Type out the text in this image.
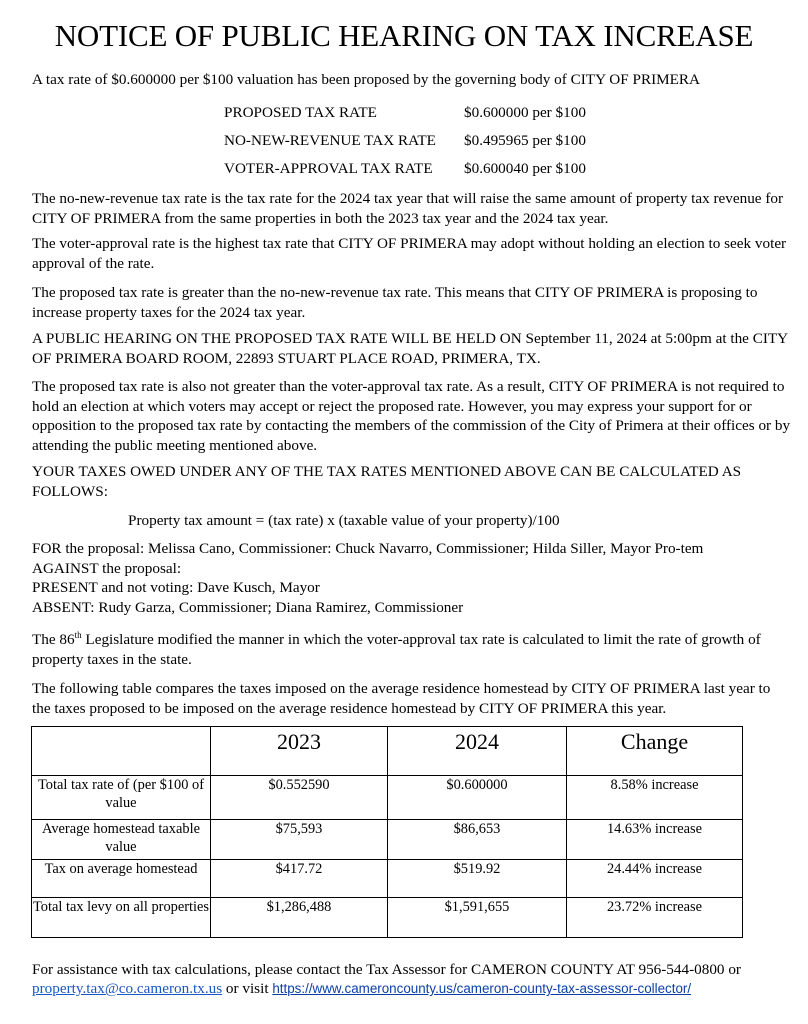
NOTICE OF PUBLIC HEARING ON TAX INCREASE

A tax rate of $0.600000 per $100 valuation has been proposed by the governing body of CITY OF PRIMERA

PROPOSED TAX RATE	$0.600000 per $100
NO-NEW-REVENUE TAX RATE $0.495965 per $100
VOTER-APPROVAL TAX RATE $0.600040 per $100

The no-new-revenue tax rate is the tax rate for the 2024 tax year that will raise the same amount of property tax revenue for CITY OF PRIMERA from the same properties in both the 2023 tax year and the 2024 tax year.

The voter-approval rate is the highest tax rate that CITY OF PRIMERA may adopt without holding an election to seek voter approval of the rate.

The proposed tax rate is greater than the no-new-revenue tax rate. This means that CITY OF PRIMERA is proposing to increase property taxes for the 2024 tax year.

A PUBLIC HEARING ON THE PROPOSED TAX RATE WILL BE HELD ON September 11, 2024 at 5:00pm at the CITY OF PRIMERA BOARD ROOM, 22893 STUART PLACE ROAD, PRIMERA, TX.

The proposed tax rate is also not greater than the voter-approval tax rate. As a result, CITY OF PRIMERA is not required to hold an election at which voters may accept or reject the proposed rate. However, you may express your support for or opposition to the proposed tax rate by contacting the members of the commission of the City of Primera at their offices or by attending the public meeting mentioned above.

YOUR TAXES OWED UNDER ANY OF THE TAX RATES MENTIONED ABOVE CAN BE CALCULATED AS FOLLOWS:

Property tax amount = (tax rate) x (taxable value of your property)/100
FOR the proposal: Melissa Cano, Commissioner: Chuck Navarro, Commissioner; Hilda Siller, Mayor Pro-tem
AGAINST the proposal:
PRESENT and not voting: Dave Kusch, Mayor
ABSENT: Rudy Garza, Commissioner; Diana Ramirez, Commissioner

The 86th Legislature modified the manner in which the voter-approval tax rate is calculated to limit the rate of growth of property taxes in the state.

The following table compares the taxes imposed on the average residence homestead by CITY OF PRIMERA last year to the taxes proposed to be imposed on the average residence homestead by CITY OF PRIMERA this year.

	2023	2024	Change
Total tax rate of (per $100 of value	$0.552590	$0.600000	8.58% increase
Average homestead taxable value	$75,593	$86,653	14.63% increase
Tax on average homestead	$417.72	$519.92	24.44% increase
Total tax levy on all properties	$1,286,488	$1,591,655	23.72% increase

For assistance with tax calculations, please contact the Tax Assessor for CAMERON COUNTY AT 956-544-0800 or property.tax@co.cameron.tx.us or visit https://www.cameroncounty.us/cameron-county-tax-assessor-collector/
